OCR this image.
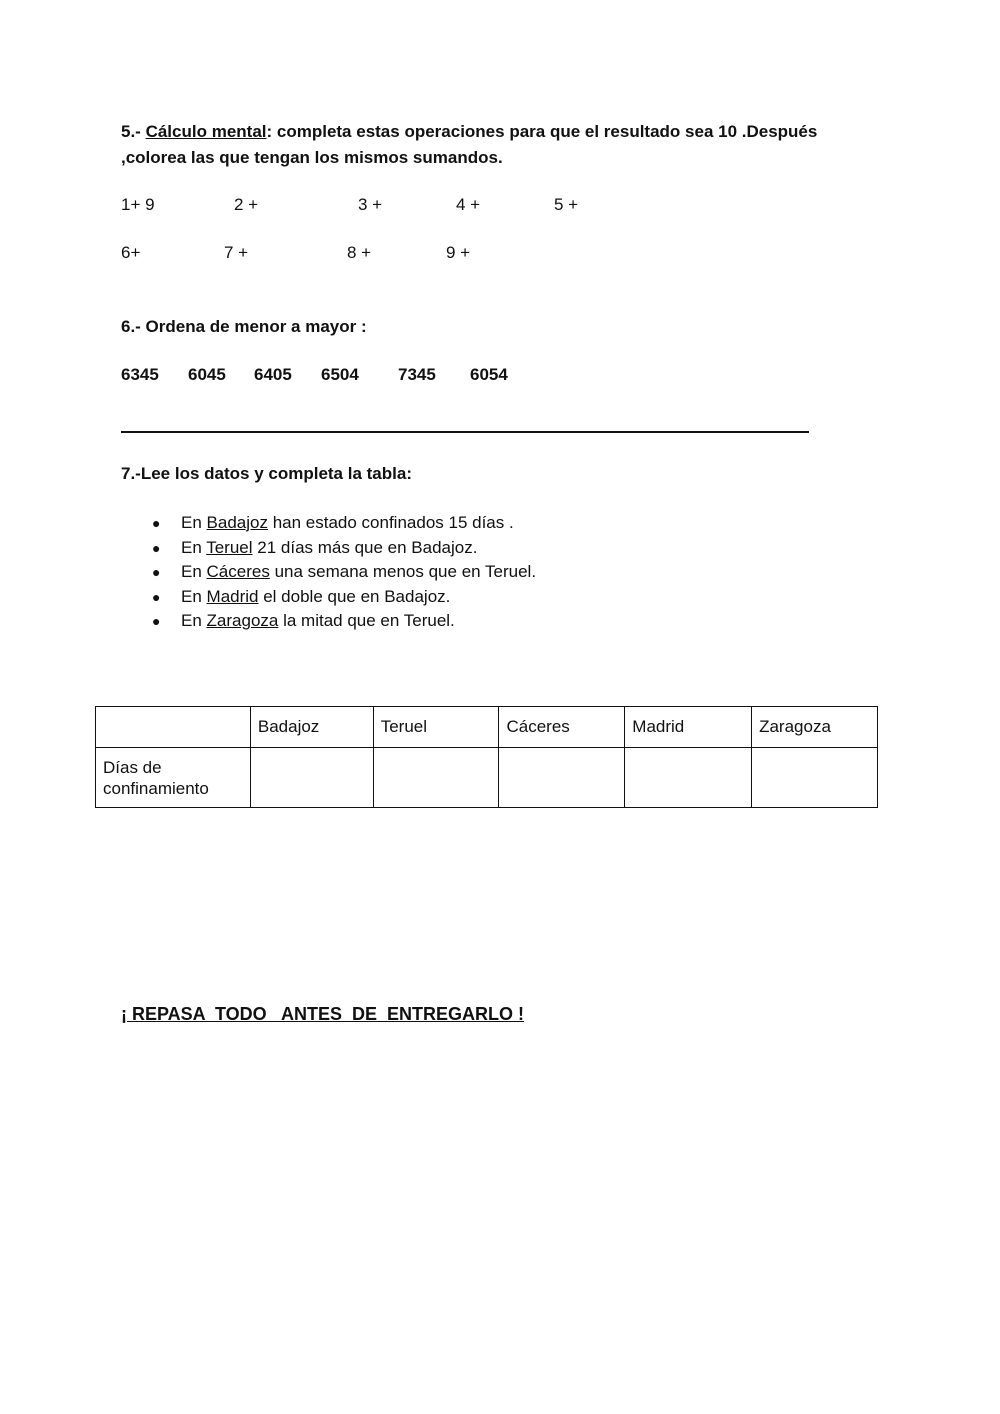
5.- Cálculo mental: completa estas operaciones para que el resultado sea 10 .Después
,colorea las que tengan los mismos sumandos.
1+ 9	2 +	3 +	4 +	5 +
6+	7 +	8 +	9 +
6.- Ordena de menor a mayor :
6345 6045 6405 6504 7345 6054
7.-Lee los datos y completa la tabla:
● En Badajoz han estado confinados 15 días .
● En Teruel 21 días más que en Badajoz.
● En Cáceres una semana menos que en Teruel.
● En Madrid el doble que en Badajoz.
● En Zaragoza la mitad que en Teruel.
	Badajoz	Teruel	Cáceres	Madrid	Zaragoza
Días de
confinamiento					
¡ REPASA  TODO   ANTES  DE  ENTREGARLO !
